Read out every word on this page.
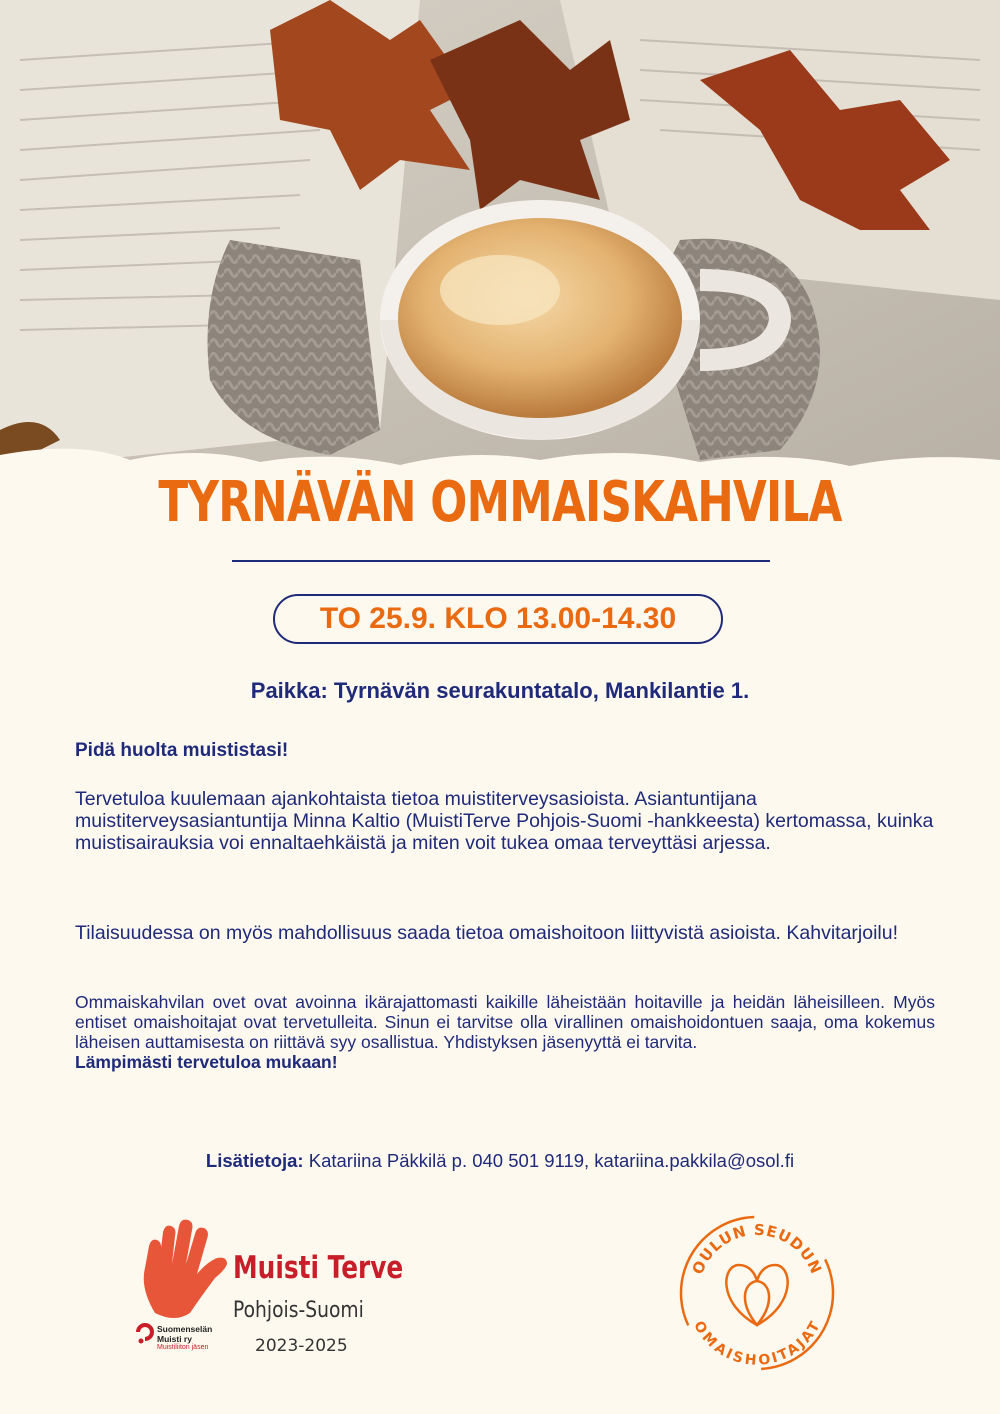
TYRNÄVÄN OMMAISKAHVILA
TO 25.9. KLO 13.00-14.30
Paikka: Tyrnävän seurakuntatalo, Mankilantie 1.
Pidä huolta muististasi!
Tervetuloa kuulemaan ajankohtaista tietoa muistiterveysasioista. Asiantuntijana muistiterveysasiantuntija Minna Kaltio (MuistiTerve Pohjois-Suomi -hankkeesta) kertomassa, kuinka muistisairauksia voi ennaltaehkäistä ja miten voit tukea omaa terveyttäsi arjessa.
Tilaisuudessa on myös mahdollisuus saada tietoa omaishoitoon liittyvistä asioista. Kahvitarjoilu!
Ommaiskahvilan ovet ovat avoinna ikärajattomasti kaikille läheistään hoitaville ja heidän läheisilleen. Myös entiset omaishoitajat ovat tervetulleita. Sinun ei tarvitse olla virallinen omaishoidontuen saaja, oma kokemus läheisen auttamisesta on riittävä syy osallistua. Yhdistyksen jäsenyyttä ei tarvita.
Lämpimästi tervetuloa mukaan!
Lisätietoja: Katariina Päkkilä p. 040 501 9119, katariina.pakkila@osol.fi
Muisti Terve
Pohjois-Suomi
2023-2025
Suomenselän
Muisti ry
Muistiliiton jäsen
OULUN SEUDUN
OMAISHOITAJAT
